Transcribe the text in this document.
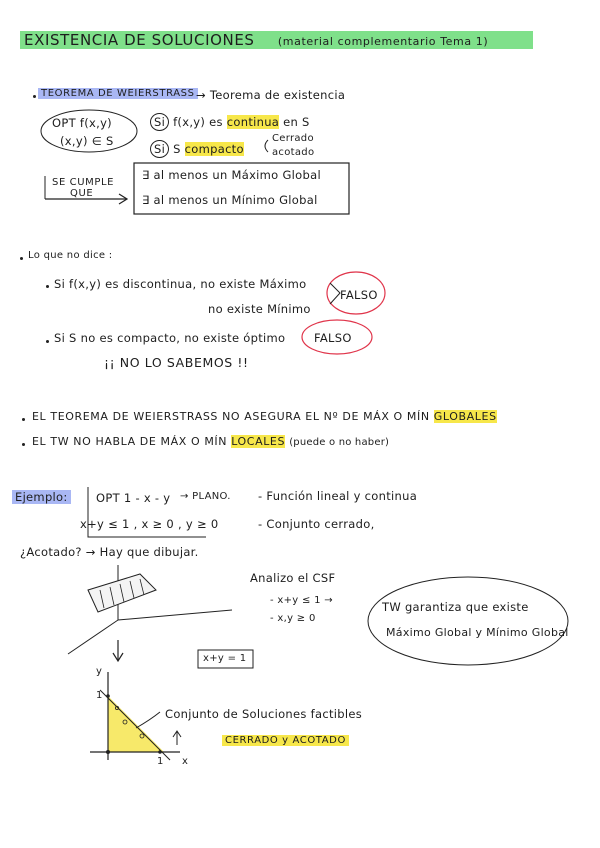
EXISTENCIA DE SOLUCIONES (material complementario Tema 1)
TEOREMA DE WEIERSTRASS → Teorema de existencia
OPT f(x,y)
(x,y) ∈ S
Si f(x,y) es continua en S
Si S compacto
Cerrado
acotado
SE CUMPLE
QUE
∃ al menos un Máximo Global
∃ al menos un Mínimo Global
Lo que no dice :
Si f(x,y) es discontinua, no existe Máximo
no existe Mínimo
FALSO
Si S no es compacto, no existe óptimo FALSO
¡¡ NO LO SABEMOS !!
EL TEOREMA DE WEIERSTRASS NO ASEGURA EL Nº DE MÁX O MÍN GLOBALES
EL TW NO HABLA DE MÁX O MÍN LOCALES (puede o no haber)
Ejemplo: OPT 1 - x - y → PLANO.
x+y ≤ 1 , x ≥ 0 , y ≥ 0
- Función lineal y continua
- Conjunto cerrado,
¿Acotado? → Hay que dibujar.
Analizo el CSF
- x+y ≤ 1 →
- x,y ≥ 0
TW garantiza que existe
Máximo Global y Mínimo Global
x+y = 1
y
x
1
1
Conjunto de Soluciones factibles
CERRADO y ACOTADO
